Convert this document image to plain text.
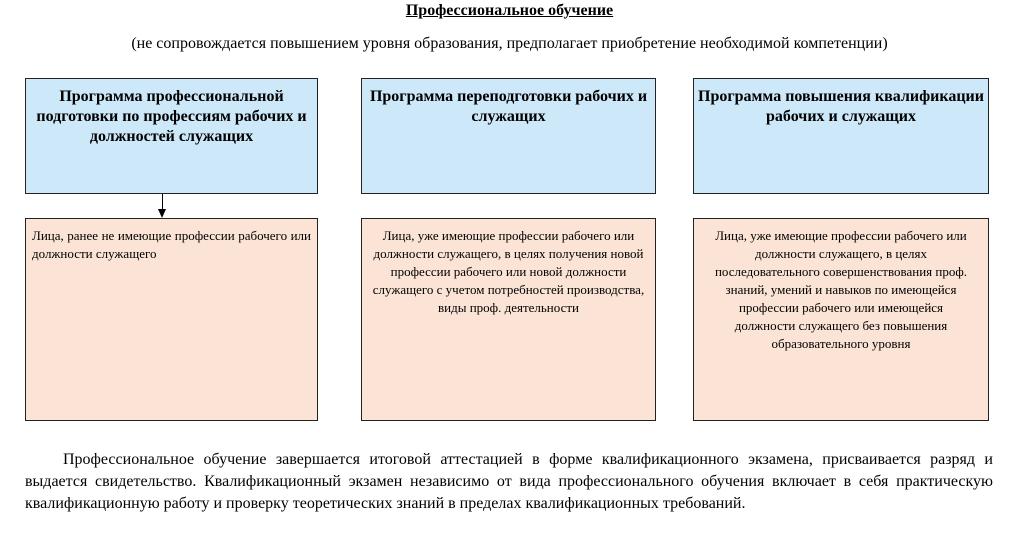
Профессиональное обучение
(не сопровождается повышением уровня образования, предполагает приобретение необходимой компетенции)
Программа профессиональной подготовки по профессиям рабочих и должностей служащих
Программа переподготовки рабочих и служащих
Программа повышения квалификации рабочих и служащих
Лица, ранее не имеющие профессии рабочего или должности служащего
Лица, уже имеющие профессии рабочего или должности служащего, в целях получения новой профессии рабочего или новой должности служащего с учетом потребностей производства, виды проф. деятельности
Лица, уже имеющие профессии рабочего или должности служащего, в целях последовательного совершенствования проф. знаний, умений и навыков по имеющейся профессии рабочего или имеющейся должности служащего без повышения образовательного уровня
Профессиональное обучение завершается итоговой аттестацией в форме квалификационного экзамена, присваивается разряд и выдается свидетельство. Квалификационный экзамен независимо от вида профессионального обучения включает в себя практическую квалификационную работу и проверку теоретических знаний в пределах квалификационных требований.
